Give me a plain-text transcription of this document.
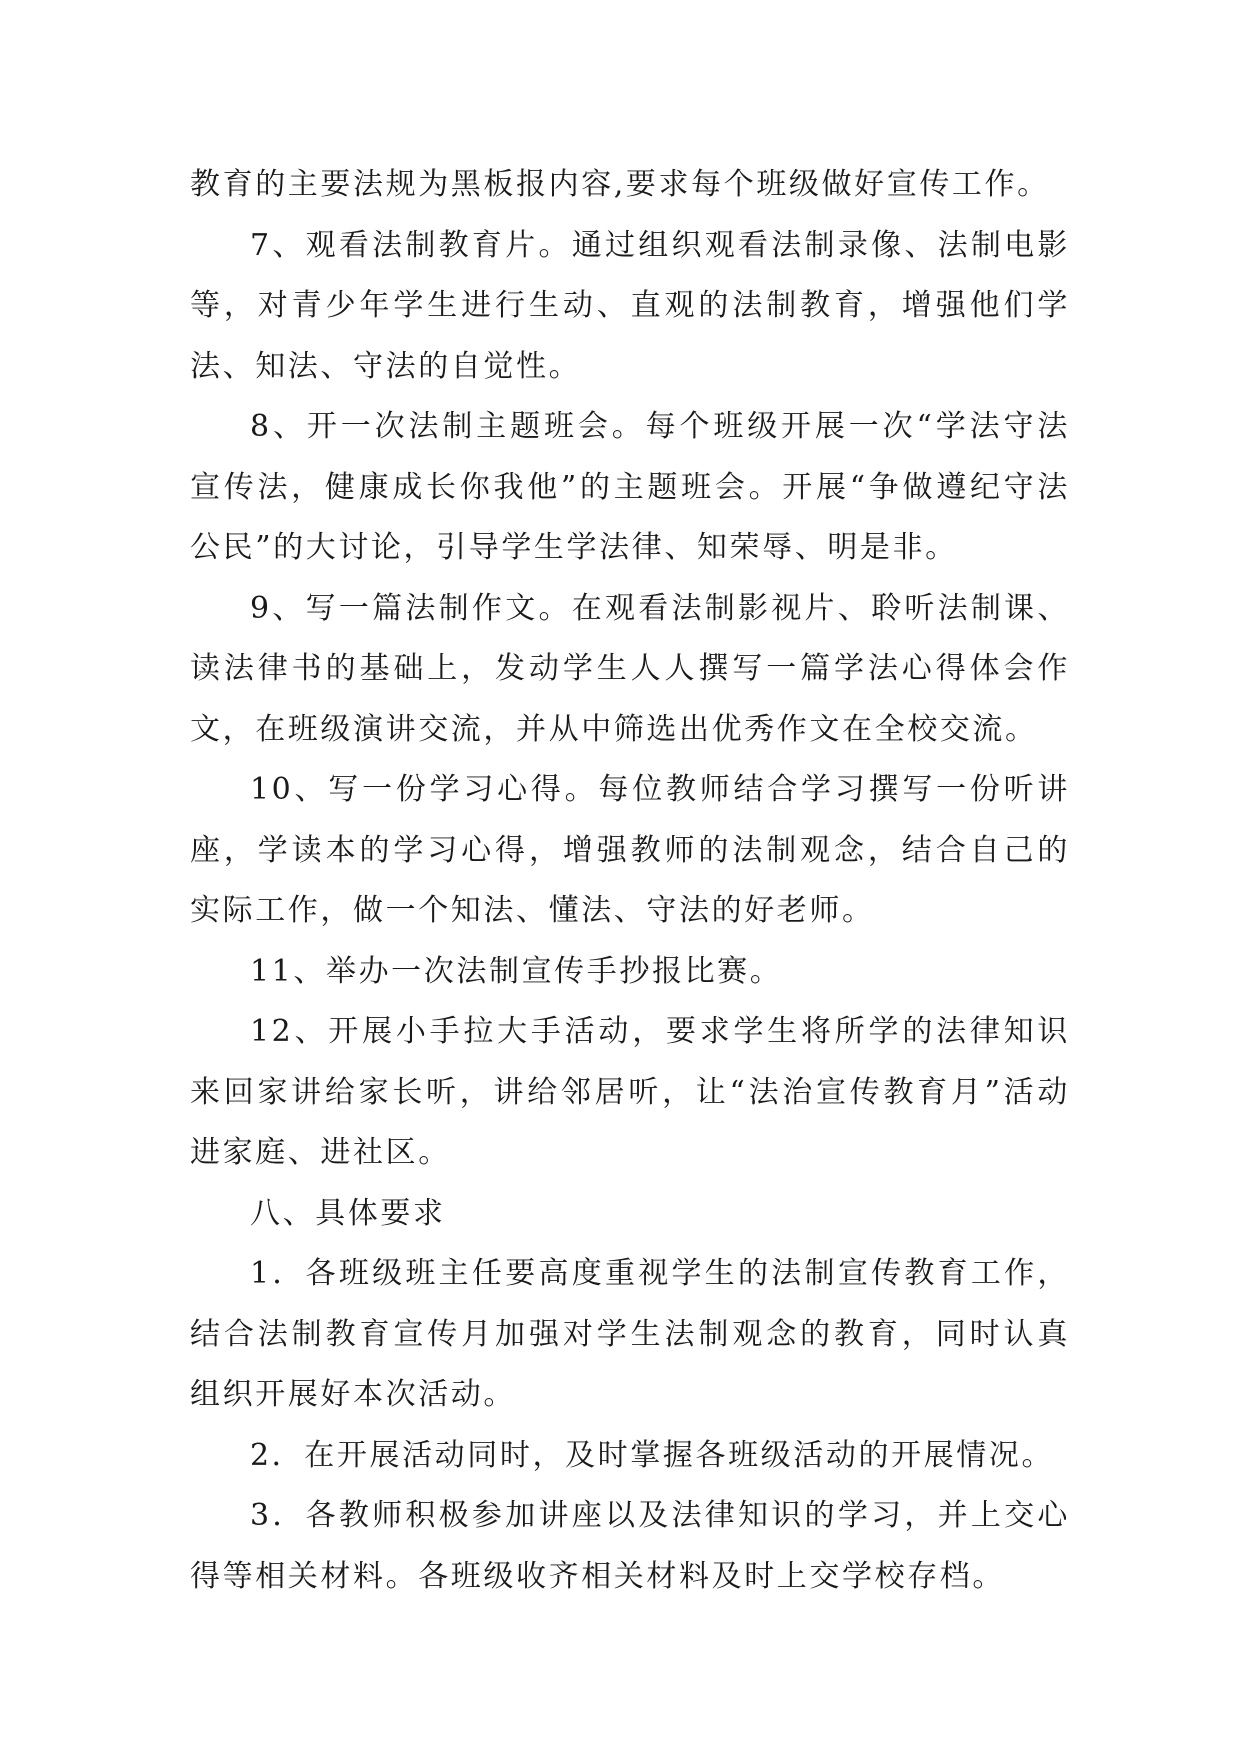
教育的主要法规为黑板报内容,要求每个班级做好宣传工作。

7、观看法制教育片。通过组织观看法制录像、法制电影等，对青少年学生进行生动、直观的法制教育，增强他们学法、知法、守法的自觉性。

8、开一次法制主题班会。每个班级开展一次“学法守法宣传法，健康成长你我他”的主题班会。开展“争做遵纪守法公民”的大讨论，引导学生学法律、知荣辱、明是非。

9、写一篇法制作文。在观看法制影视片、聆听法制课、读法律书的基础上，发动学生人人撰写一篇学法心得体会作文，在班级演讲交流，并从中筛选出优秀作文在全校交流。

10、写一份学习心得。每位教师结合学习撰写一份听讲座，学读本的学习心得，增强教师的法制观念，结合自己的实际工作，做一个知法、懂法、守法的好老师。

11、举办一次法制宣传手抄报比赛。

12、开展小手拉大手活动，要求学生将所学的法律知识来回家讲给家长听，讲给邻居听，让“法治宣传教育月”活动进家庭、进社区。

八、具体要求

1．各班级班主任要高度重视学生的法制宣传教育工作，结合法制教育宣传月加强对学生法制观念的教育，同时认真组织开展好本次活动。

2．在开展活动同时，及时掌握各班级活动的开展情况。

3．各教师积极参加讲座以及法律知识的学习，并上交心得等相关材料。各班级收齐相关材料及时上交学校存档。
